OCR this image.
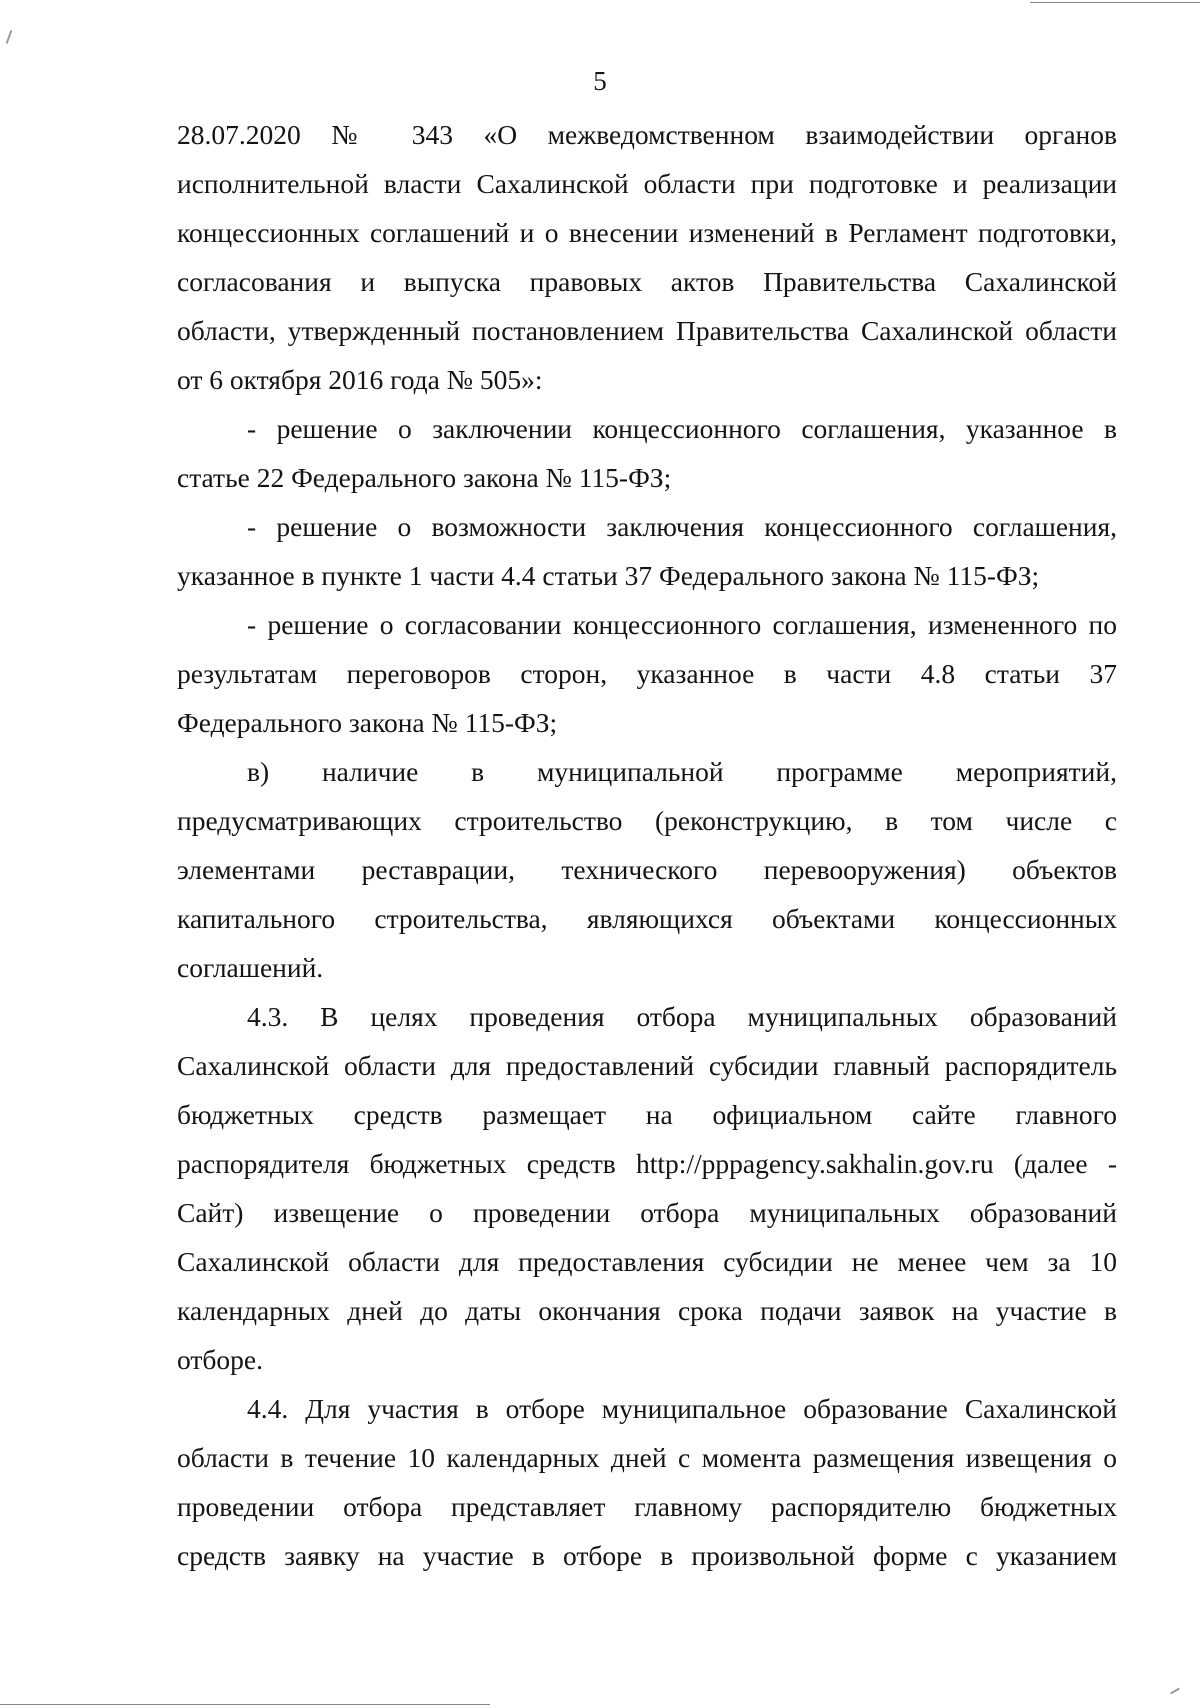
5

28.07.2020 № 343 «О межведомственном взаимодействии органов
исполнительной власти Сахалинской области при подготовке и реализации
концессионных соглашений и о внесении изменений в Регламент подготовки,
согласования и выпуска правовых актов Правительства Сахалинской
области, утвержденный постановлением Правительства Сахалинской области
от 6 октября 2016 года № 505»:

- решение о заключении концессионного соглашения, указанное в
статье 22 Федерального закона № 115-ФЗ;

- решение о возможности заключения концессионного соглашения,
указанное в пункте 1 части 4.4 статьи 37 Федерального закона № 115-ФЗ;

- решение о согласовании концессионного соглашения, измененного по
результатам переговоров сторон, указанное в части 4.8 статьи 37
Федерального закона № 115-ФЗ;

в) наличие в муниципальной программе мероприятий,
предусматривающих строительство (реконструкцию, в том числе с
элементами реставрации, технического перевооружения) объектов
капитального строительства, являющихся объектами концессионных
соглашений.

4.3. В целях проведения отбора муниципальных образований
Сахалинской области для предоставлений субсидии главный распорядитель
бюджетных средств размещает на официальном сайте главного
распорядителя бюджетных средств http://pppagency.sakhalin.gov.ru (далее -
Сайт) извещение о проведении отбора муниципальных образований
Сахалинской области для предоставления субсидии не менее чем за 10
календарных дней до даты окончания срока подачи заявок на участие в
отборе.

4.4. Для участия в отборе муниципальное образование Сахалинской
области в течение 10 календарных дней с момента размещения извещения о
проведении отбора представляет главному распорядителю бюджетных
средств заявку на участие в отборе в произвольной форме с указанием
